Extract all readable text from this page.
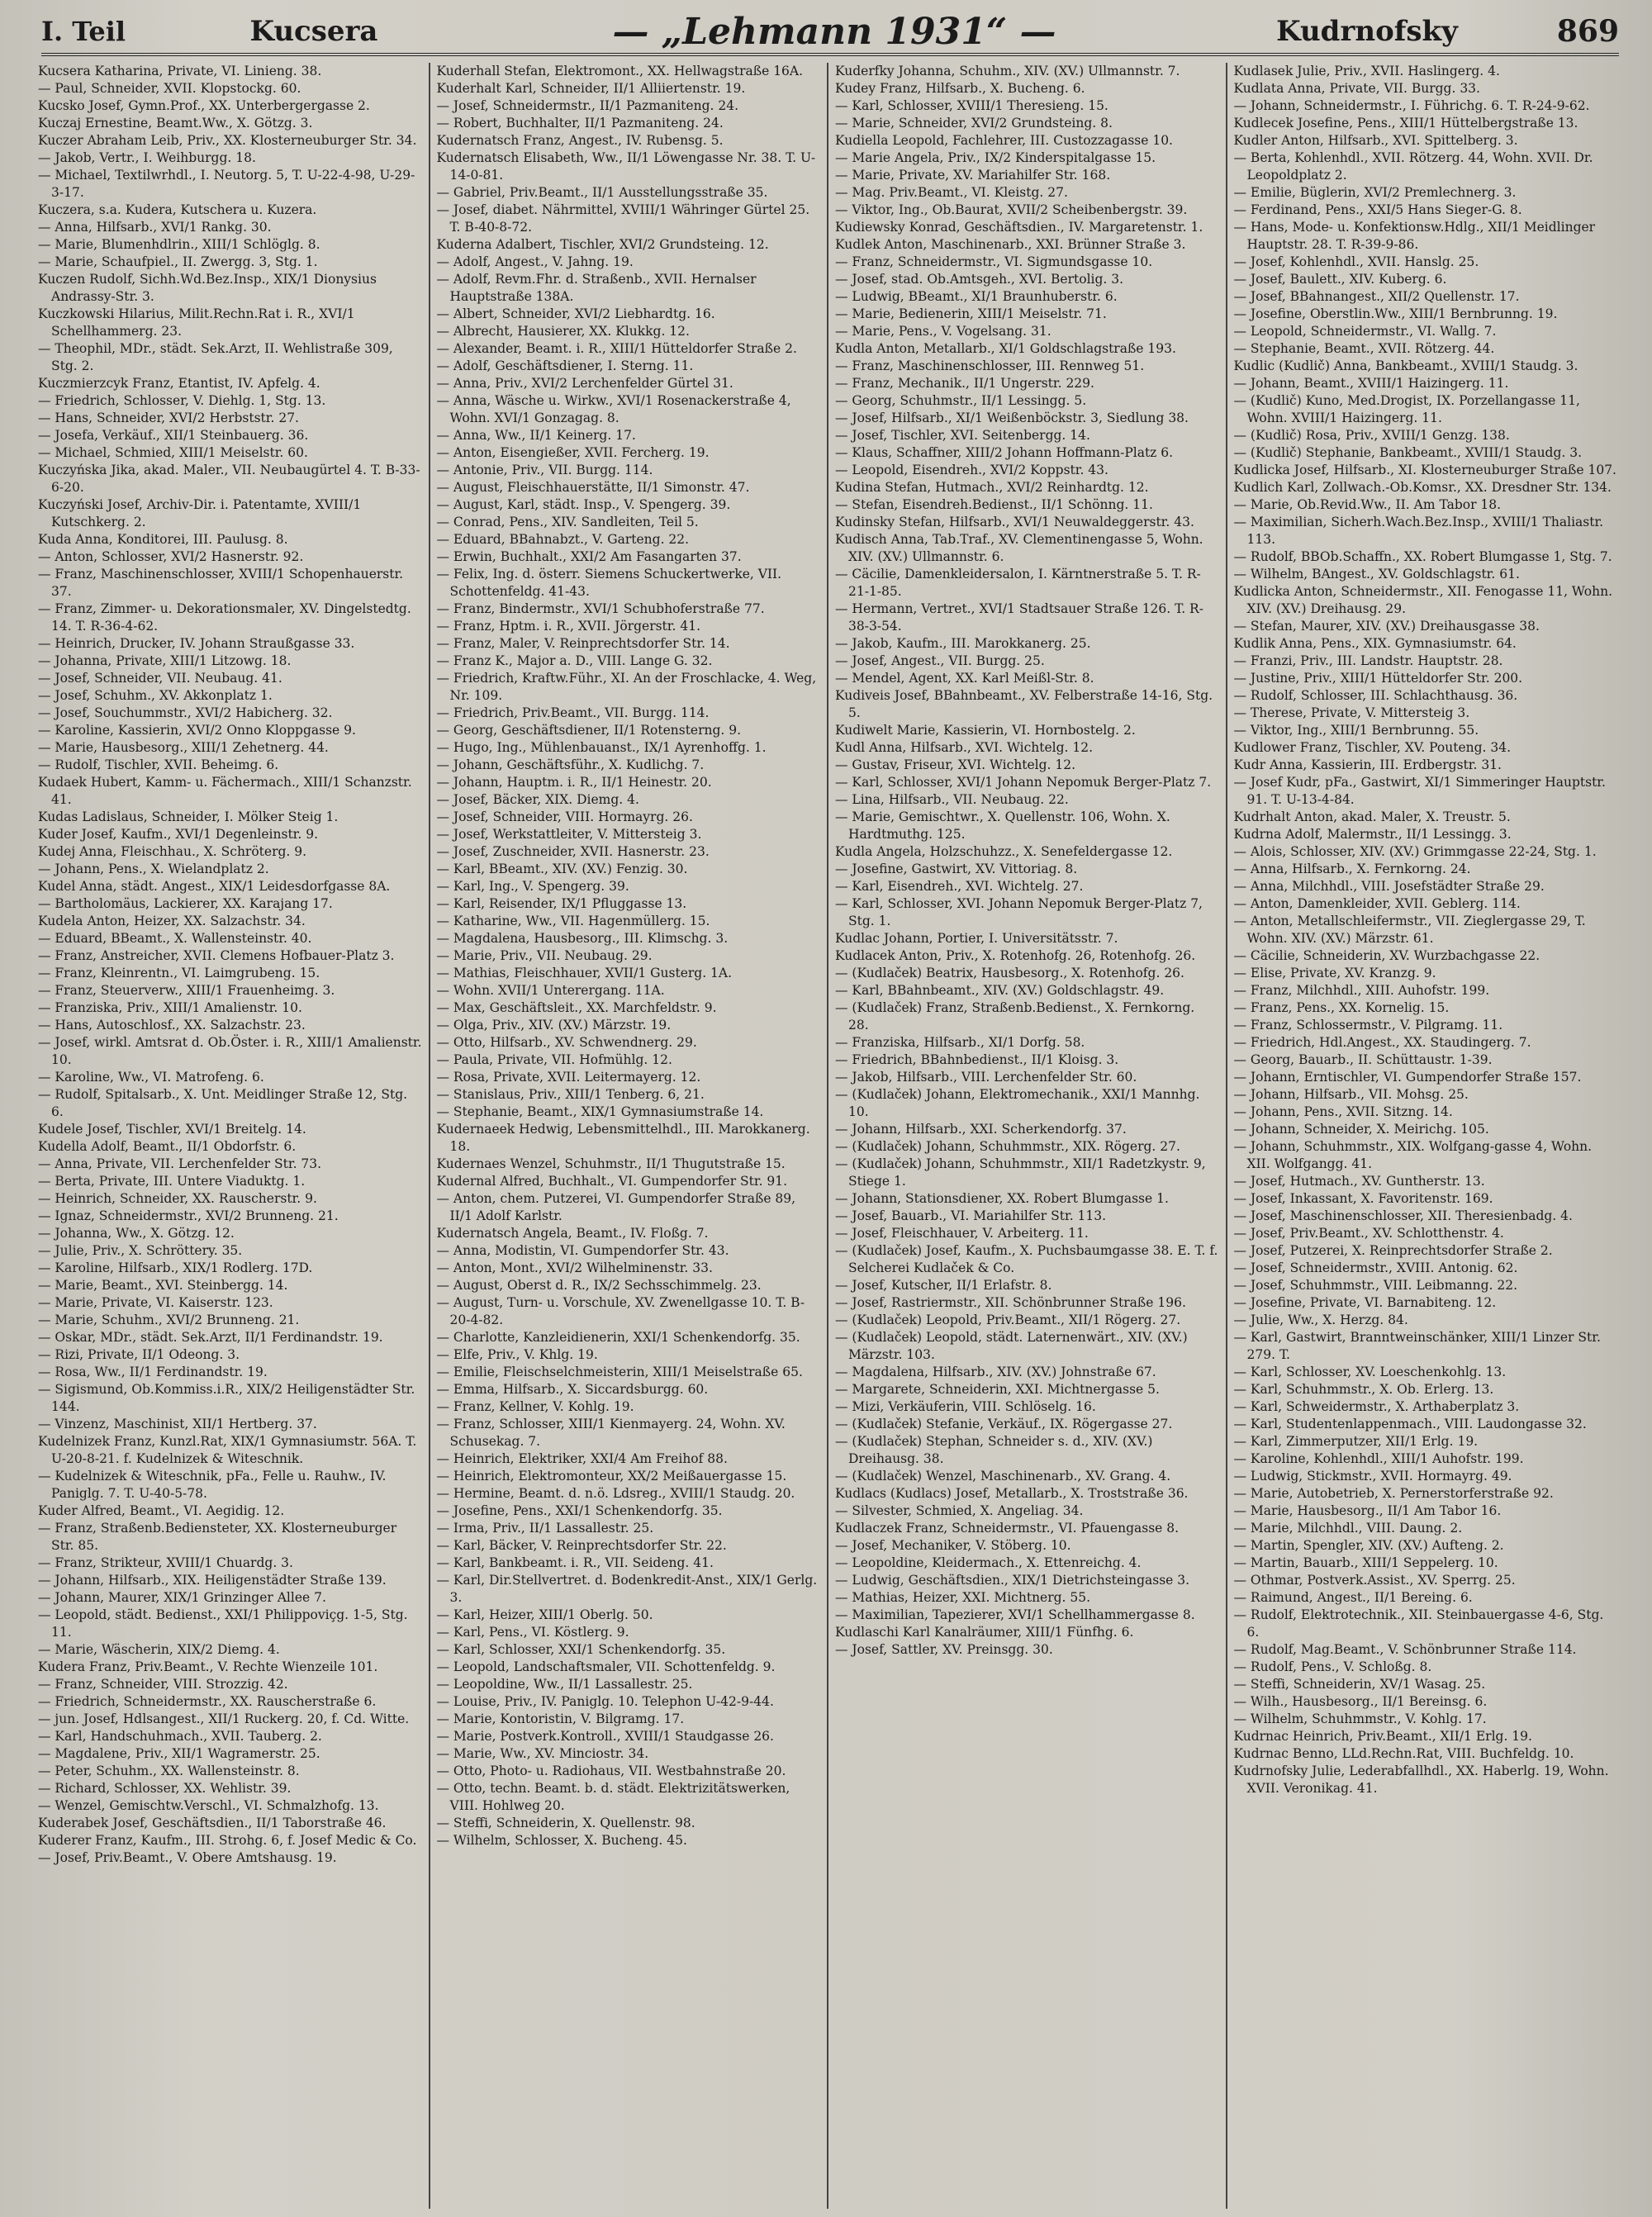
I. Teil	Kucsera	— „Lehmann 1931“ —	Kudrnofsky	869

Kucsera Katharina, Private, VI. Linieng. 38.

— Paul, Schneider, XVII. Klopstockg. 60.

Kucsko Josef, Gymn.Prof., XX. Unterbergergasse 2.

Kuczaj Ernestine, Beamt.Ww., X. Götzg. 3.

Kuczer Abraham Leib, Priv., XX. Klosterneuburger Str. 34.

— Jakob, Vertr., I. Weihburgg. 18.

— Michael, Textilwrhdl., I. Neutorg. 5, T. U-22-4-98, U-29-3-17.

Kuczera, s.a. Kudera, Kutschera u. Kuzera.

— Anna, Hilfsarb., XVI/1 Rankg. 30.

— Marie, Blumenhdlrin., XIII/1 Schlöglg. 8.

— Marie, Schaufpiel., II. Zwergg. 3, Stg. 1.

Kuczen Rudolf, Sichh.Wd.Bez.Insp., XIX/1 Dionysius Andrassy-Str. 3.

Kuczkowski Hilarius, Milit.Rechn.Rat i. R., XVI/1 Schellhammerg. 23.

— Theophil, MDr., städt. Sek.Arzt, II. Wehlistraße 309, Stg. 2.

Kuczmierzcyk Franz, Etantist, IV. Apfelg. 4.

— Friedrich, Schlosser, V. Diehlg. 1, Stg. 13.

— Hans, Schneider, XVI/2 Herbststr. 27.

— Josefa, Verkäuf., XII/1 Steinbauerg. 36.

— Michael, Schmied, XIII/1 Meiselstr. 60.

Kuczyńska Jika, akad. Maler., VII. Neubaugürtel 4. T. B-33-6-20.

Kuczyński Josef, Archiv-Dir. i. Patentamte, XVIII/1 Kutschkerg. 2.

Kuda Anna, Konditorei, III. Paulusg. 8.

— Anton, Schlosser, XVI/2 Hasnerstr. 92.

— Franz, Maschinenschlosser, XVIII/1 Schopenhauerstr. 37.

— Franz, Zimmer- u. Dekorationsmaler, XV. Dingelstedtg. 14. T. R-36-4-62.

— Heinrich, Drucker, IV. Johann Straußgasse 33.

— Johanna, Private, XIII/1 Litzowg. 18.

— Josef, Schneider, VII. Neubaug. 41.

— Josef, Schuhm., XV. Akkonplatz 1.

— Josef, Souchummstr., XVI/2 Habicherg. 32.

— Karoline, Kassierin, XVI/2 Onno Kloppgasse 9.

— Marie, Hausbesorg., XIII/1 Zehetnerg. 44.

— Rudolf, Tischler, XVII. Beheimg. 6.

Kudaek Hubert, Kamm- u. Fächermach., XIII/1 Schanzstr. 41.

Kudas Ladislaus, Schneider, I. Mölker Steig 1.

Kuder Josef, Kaufm., XVI/1 Degenleinstr. 9.

Kudej Anna, Fleischhau., X. Schröterg. 9.

— Johann, Pens., X. Wielandplatz 2.

Kudel Anna, städt. Angest., XIX/1 Leidesdorfgasse 8A.

— Bartholomäus, Lackierer, XX. Karajang 17.

Kudela Anton, Heizer, XX. Salzachstr. 34.

— Eduard, BBeamt., X. Wallensteinstr. 40.

— Franz, Anstreicher, XVII. Clemens Hofbauer-Platz 3.

— Franz, Kleinrentn., VI. Laimgrubeng. 15.

— Franz, Steuerverw., XIII/1 Frauenheimg. 3.

— Franziska, Priv., XIII/1 Amalienstr. 10.

— Hans, Autoschlosf., XX. Salzachstr. 23.

— Josef, wirkl. Amtsrat d. Ob.Öster. i. R., XIII/1 Amalienstr. 10.

— Karoline, Ww., VI. Matrofeng. 6.

— Rudolf, Spitalsarb., X. Unt. Meidlinger Straße 12, Stg. 6.

Kudele Josef, Tischler, XVI/1 Breitelg. 14.

Kudella Adolf, Beamt., II/1 Obdorfstr. 6.

— Anna, Private, VII. Lerchenfelder Str. 73.

— Berta, Private, III. Untere Viaduktg. 1.

— Heinrich, Schneider, XX. Rauscherstr. 9.

— Ignaz, Schneidermstr., XVI/2 Brunneng. 21.

— Johanna, Ww., X. Götzg. 12.

— Julie, Priv., X. Schröttery. 35.

— Karoline, Hilfsarb., XIX/1 Rodlerg. 17D.

— Marie, Beamt., XVI. Steinbergg. 14.

— Marie, Private, VI. Kaiserstr. 123.

— Marie, Schuhm., XVI/2 Brunneng. 21.

— Oskar, MDr., städt. Sek.Arzt, II/1 Ferdinandstr. 19.

— Rizi, Private, II/1 Odeong. 3.

— Rosa, Ww., II/1 Ferdinandstr. 19.

— Sigismund, Ob.Kommiss.i.R., XIX/2 Heiligenstädter Str. 144.

— Vinzenz, Maschinist, XII/1 Hertberg. 37.

Kudelnizek Franz, Kunzl.Rat, XIX/1 Gymnasiumstr. 56A. T. U-20-8-21. f. Kudelnizek & Witeschnik.

— Kudelnizek & Witeschnik, pFa., Felle u. Rauhw., IV. Paniglg. 7. T. U-40-5-78.

Kuder Alfred, Beamt., VI. Aegidig. 12.

— Franz, Straßenb.Bediensteter, XX. Klosterneuburger Str. 85.

— Franz, Strikteur, XVIII/1 Chuardg. 3.

— Johann, Hilfsarb., XIX. Heiligenstädter Straße 139.

— Johann, Maurer, XIX/1 Grinzinger Allee 7.

— Leopold, städt. Bedienst., XXI/1 Philippoviçg. 1-5, Stg. 11.

— Marie, Wäscherin, XIX/2 Diemg. 4.

Kudera Franz, Priv.Beamt., V. Rechte Wienzeile 101.

— Franz, Schneider, VIII. Strozzig. 42.

— Friedrich, Schneidermstr., XX. Rauscherstraße 6.

— jun. Josef, Hdlsangest., XII/1 Ruckerg. 20, f. Cd. Witte.

— Karl, Handschuhmach., XVII. Tauberg. 2.

— Magdalene, Priv., XII/1 Wagramerstr. 25.

— Peter, Schuhm., XX. Wallensteinstr. 8.

— Richard, Schlosser, XX. Wehlistr. 39.

— Wenzel, Gemischtw.Verschl., VI. Schmalzhofg. 13.

Kuderabek Josef, Geschäftsdien., II/1 Taborstraße 46.

Kuderer Franz, Kaufm., III. Strohg. 6, f. Josef Medic & Co.

— Josef, Priv.Beamt., V. Obere Amtshausg. 19.

Kuderhall Stefan, Elektromont., XX. Hellwagstraße 16A.

Kuderhalt Karl, Schneider, II/1 Alliiertenstr. 19.

— Josef, Schneidermstr., II/1 Pazmaniteng. 24.

— Robert, Buchhalter, II/1 Pazmaniteng. 24.

Kudernatsch Franz, Angest., IV. Rubensg. 5.

Kudernatsch Elisabeth, Ww., II/1 Löwengasse Nr. 38. T. U-14-0-81.

— Gabriel, Priv.Beamt., II/1 Ausstellungsstraße 35.

— Josef, diabet. Nährmittel, XVIII/1 Währinger Gürtel 25. T. B-40-8-72.

Kuderna Adalbert, Tischler, XVI/2 Grundsteing. 12.

— Adolf, Angest., V. Jahng. 19.

— Adolf, Revm.Fhr. d. Straßenb., XVII. Hernalser Hauptstraße 138A.

— Albert, Schneider, XVI/2 Liebhardtg. 16.

— Albrecht, Hausierer, XX. Klukkg. 12.

— Alexander, Beamt. i. R., XIII/1 Hütteldorfer Straße 2.

— Adolf, Geschäftsdiener, I. Sterng. 11.

— Anna, Priv., XVI/2 Lerchenfelder Gürtel 31.

— Anna, Wäsche u. Wirkw., XVI/1 Rosenackerstraße 4, Wohn. XVI/1 Gonzagag. 8.

— Anna, Ww., II/1 Keinerg. 17.

— Anton, Eisengießer, XVII. Fercherg. 19.

— Antonie, Priv., VII. Burgg. 114.

— August, Fleischhauerstätte, II/1 Simonstr. 47.

— August, Karl, städt. Insp., V. Spengerg. 39.

— Conrad, Pens., XIV. Sandleiten, Teil 5.

— Eduard, BBahnabzt., V. Garteng. 22.

— Erwin, Buchhalt., XXI/2 Am Fasangarten 37.

— Felix, Ing. d. österr. Siemens Schuckertwerke, VII. Schottenfeldg. 41-43.

— Franz, Bindermstr., XVI/1 Schubhoferstraße 77.

— Franz, Hptm. i. R., XVII. Jörgerstr. 41.

— Franz, Maler, V. Reinprechtsdorfer Str. 14.

— Franz K., Major a. D., VIII. Lange G. 32.

— Friedrich, Kraftw.Führ., XI. An der Froschlacke, 4. Weg, Nr. 109.

— Friedrich, Priv.Beamt., VII. Burgg. 114.

— Georg, Geschäftsdiener, II/1 Rotensterng. 9.

— Hugo, Ing., Mühlenbauanst., IX/1 Ayrenhoffg. 1.

— Johann, Geschäftsführ., X. Kudlichg. 7.

— Johann, Hauptm. i. R., II/1 Heinestr. 20.

— Josef, Bäcker, XIX. Diemg. 4.

— Josef, Schneider, VIII. Hormayrg. 26.

— Josef, Werkstattleiter, V. Mittersteig 3.

— Josef, Zuschneider, XVII. Hasnerstr. 23.

— Karl, BBeamt., XIV. (XV.) Fenzig. 30.

— Karl, Ing., V. Spengerg. 39.

— Karl, Reisender, IX/1 Pfluggasse 13.

— Katharine, Ww., VII. Hagenmüllerg. 15.

— Magdalena, Hausbesorg., III. Klimschg. 3.

— Marie, Priv., VII. Neubaug. 29.

— Mathias, Fleischhauer, XVII/1 Gusterg. 1A.

— Wohn. XVII/1 Unterergang. 11A.

— Max, Geschäftsleit., XX. Marchfeldstr. 9.

— Olga, Priv., XIV. (XV.) Märzstr. 19.

— Otto, Hilfsarb., XV. Schwendnerg. 29.

— Paula, Private, VII. Hofmühlg. 12.

— Rosa, Private, XVII. Leitermayerg. 12.

— Stanislaus, Priv., XIII/1 Tenberg. 6, 21.

— Stephanie, Beamt., XIX/1 Gymnasiumstraße 14.

Kudernaeek Hedwig, Lebensmittelhdl., III. Marokkanerg. 18.

Kudernaes Wenzel, Schuhmstr., II/1 Thugutstraße 15.

Kudernal Alfred, Buchhalt., VI. Gumpendorfer Str. 91.

— Anton, chem. Putzerei, VI. Gumpendorfer Straße 89, II/1 Adolf Karlstr.

Kudernatsch Angela, Beamt., IV. Floßg. 7.

— Anna, Modistin, VI. Gumpendorfer Str. 43.

— Anton, Mont., XVI/2 Wilhelminenstr. 33.

— August, Oberst d. R., IX/2 Sechsschimmelg. 23.

— August, Turn- u. Vorschule, XV. Zwenellgasse 10. T. B-20-4-82.

— Charlotte, Kanzleidienerin, XXI/1 Schenkendorfg. 35.

— Elfe, Priv., V. Khlg. 19.

— Emilie, Fleischselchmeisterin, XIII/1 Meiselstraße 65.

— Emma, Hilfsarb., X. Siccardsburgg. 60.

— Franz, Kellner, V. Kohlg. 19.

— Franz, Schlosser, XIII/1 Kienmayerg. 24, Wohn. XV. Schusekag. 7.

— Heinrich, Elektriker, XXI/4 Am Freihof 88.

— Heinrich, Elektromonteur, XX/2 Meißauergasse 15.

— Hermine, Beamt. d. n.ö. Ldsreg., XVIII/1 Staudg. 20.

— Josefine, Pens., XXI/1 Schenkendorfg. 35.

— Irma, Priv., II/1 Lassallestr. 25.

— Karl, Bäcker, V. Reinprechtsdorfer Str. 22.

— Karl, Bankbeamt. i. R., VII. Seideng. 41.

— Karl, Dir.Stellvertret. d. Bodenkredit-Anst., XIX/1 Gerlg. 3.

— Karl, Heizer, XIII/1 Oberlg. 50.

— Karl, Pens., VI. Köstlerg. 9.

— Karl, Schlosser, XXI/1 Schenkendorfg. 35.

— Leopold, Landschaftsmaler, VII. Schottenfeldg. 9.

— Leopoldine, Ww., II/1 Lassallestr. 25.

— Louise, Priv., IV. Paniglg. 10. Telephon U-42-9-44.

— Marie, Kontoristin, V. Bilgramg. 17.

— Marie, Postverk.Kontroll., XVIII/1 Staudgasse 26.

— Marie, Ww., XV. Minciostr. 34.

— Otto, Photo- u. Radiohaus, VII. Westbahnstraße 20.

— Otto, techn. Beamt. b. d. städt. Elektrizitätswerken, VIII. Hohlweg 20.

— Steffi, Schneiderin, X. Quellenstr. 98.

— Wilhelm, Schlosser, X. Bucheng. 45.

Kuderfky Johanna, Schuhm., XIV. (XV.) Ullmannstr. 7.

Kudey Franz, Hilfsarb., X. Bucheng. 6.

— Karl, Schlosser, XVIII/1 Theresieng. 15.

— Marie, Schneider, XVI/2 Grundsteing. 8.

Kudiella Leopold, Fachlehrer, III. Custozzagasse 10.

— Marie Angela, Priv., IX/2 Kinderspitalgasse 15.

— Marie, Private, XV. Mariahilfer Str. 168.

— Mag. Priv.Beamt., VI. Kleistg. 27.

— Viktor, Ing., Ob.Baurat, XVII/2 Scheibenbergstr. 39.

Kudiewsky Konrad, Geschäftsdien., IV. Margaretenstr. 1.

Kudlek Anton, Maschinenarb., XXI. Brünner Straße 3.

— Franz, Schneidermstr., VI. Sigmundsgasse 10.

— Josef, stad. Ob.Amtsgeh., XVI. Bertolig. 3.

— Ludwig, BBeamt., XI/1 Braunhuberstr. 6.

— Marie, Bedienerin, XIII/1 Meiselstr. 71.

— Marie, Pens., V. Vogelsang. 31.

Kudla Anton, Metallarb., XI/1 Goldschlagstraße 193.

— Franz, Maschinenschlosser, III. Rennweg 51.

— Franz, Mechanik., II/1 Ungerstr. 229.

— Georg, Schuhmstr., II/1 Lessingg. 5.

— Josef, Hilfsarb., XI/1 Weißenböckstr. 3, Siedlung 38.

— Josef, Tischler, XVI. Seitenbergg. 14.

— Klaus, Schaffner, XIII/2 Johann Hoffmann-Platz 6.

— Leopold, Eisendreh., XVI/2 Koppstr. 43.

Kudina Stefan, Hutmach., XVI/2 Reinhardtg. 12.

— Stefan, Eisendreh.Bedienst., II/1 Schönng. 11.

Kudinsky Stefan, Hilfsarb., XVI/1 Neuwaldeggerstr. 43.

Kudisch Anna, Tab.Traf., XV. Clementinengasse 5, Wohn. XIV. (XV.) Ullmannstr. 6.

— Cäcilie, Damenkleidersalon, I. Kärntnerstraße 5. T. R-21-1-85.

— Hermann, Vertret., XVI/1 Stadtsauer Straße 126. T. R-38-3-54.

— Jakob, Kaufm., III. Marokkanerg. 25.

— Josef, Angest., VII. Burgg. 25.

— Mendel, Agent, XX. Karl Meißl-Str. 8.

Kudiveis Josef, BBahnbeamt., XV. Felberstraße 14-16, Stg. 5.

Kudiwelt Marie, Kassierin, VI. Hornbostelg. 2.

Kudl Anna, Hilfsarb., XVI. Wichtelg. 12.

— Gustav, Friseur, XVI. Wichtelg. 12.

— Karl, Schlosser, XVI/1 Johann Nepomuk Berger-Platz 7.

— Lina, Hilfsarb., VII. Neubaug. 22.

— Marie, Gemischtwr., X. Quellenstr. 106, Wohn. X. Hardtmuthg. 125.

Kudla Angela, Holzschuhzz., X. Senefeldergasse 12.

— Josefine, Gastwirt, XV. Vittoriag. 8.

— Karl, Eisendreh., XVI. Wichtelg. 27.

— Karl, Schlosser, XVI. Johann Nepomuk Berger-Platz 7, Stg. 1.

Kudlac Johann, Portier, I. Universitätsstr. 7.

Kudlacek Anton, Priv., X. Rotenhofg. 26, Rotenhofg. 26.

— (Kudlaček) Beatrix, Hausbesorg., X. Rotenhofg. 26.

— Karl, BBahnbeamt., XIV. (XV.) Goldschlagstr. 49.

— (Kudlaček) Franz, Straßenb.Bedienst., X. Fernkorng. 28.

— Franziska, Hilfsarb., XI/1 Dorfg. 58.

— Friedrich, BBahnbedienst., II/1 Kloisg. 3.

— Jakob, Hilfsarb., VIII. Lerchenfelder Str. 60.

— (Kudlaček) Johann, Elektromechanik., XXI/1 Mannhg. 10.

— Johann, Hilfsarb., XXI. Scherkendorfg. 37.

— (Kudlaček) Johann, Schuhmmstr., XIX. Rögerg. 27.

— (Kudlaček) Johann, Schuhmmstr., XII/1 Radetzkystr. 9, Stiege 1.

— Johann, Stationsdiener, XX. Robert Blumgasse 1.

— Josef, Bauarb., VI. Mariahilfer Str. 113.

— Josef, Fleischhauer, V. Arbeiterg. 11.

— (Kudlaček) Josef, Kaufm., X. Puchsbaumgasse 38. E. T. f. Selcherei Kudlaček & Co.

— Josef, Kutscher, II/1 Erlafstr. 8.

— Josef, Rastriermstr., XII. Schönbrunner Straße 196.

— (Kudlaček) Leopold, Priv.Beamt., XII/1 Rögerg. 27.

— (Kudlaček) Leopold, städt. Laternenwärt., XIV. (XV.) Märzstr. 103.

— Magdalena, Hilfsarb., XIV. (XV.) Johnstraße 67.

— Margarete, Schneiderin, XXI. Michtnergasse 5.

— Mizi, Verkäuferin, VIII. Schlöselg. 16.

— (Kudlaček) Stefanie, Verkäuf., IX. Rögergasse 27.

— (Kudlaček) Stephan, Schneider s. d., XIV. (XV.) Dreihausg. 38.

— (Kudlaček) Wenzel, Maschinenarb., XV. Grang. 4.

Kudlacs (Kudlacs) Josef, Metallarb., X. Troststraße 36.

— Silvester, Schmied, X. Angeliag. 34.

Kudlaczek Franz, Schneidermstr., VI. Pfauengasse 8.

— Josef, Mechaniker, V. Stöberg. 10.

— Leopoldine, Kleidermach., X. Ettenreichg. 4.

— Ludwig, Geschäftsdien., XIX/1 Dietrichsteingasse 3.

— Mathias, Heizer, XXI. Michtnerg. 55.

— Maximilian, Tapezierer, XVI/1 Schellhammergasse 8.

Kudlaschi Karl Kanalräumer, XIII/1 Fünfhg. 6.

— Josef, Sattler, XV. Preinsgg. 30.

Kudlasek Julie, Priv., XVII. Haslingerg. 4.

Kudlata Anna, Private, VII. Burgg. 33.

— Johann, Schneidermstr., I. Führichg. 6. T. R-24-9-62.

Kudlecek Josefine, Pens., XIII/1 Hüttelbergstraße 13.

Kudler Anton, Hilfsarb., XVI. Spittelberg. 3.

— Berta, Kohlenhdl., XVII. Rötzerg. 44, Wohn. XVII. Dr. Leopoldplatz 2.

— Emilie, Büglerin, XVI/2 Premlechnerg. 3.

— Ferdinand, Pens., XXI/5 Hans Sieger-G. 8.

— Hans, Mode- u. Konfektionsw.Hdlg., XII/1 Meidlinger Hauptstr. 28. T. R-39-9-86.

— Josef, Kohlenhdl., XVII. Hanslg. 25.

— Josef, Baulett., XIV. Kuberg. 6.

— Josef, BBahnangest., XII/2 Quellenstr. 17.

— Josefine, Oberstlin.Ww., XIII/1 Bernbrunng. 19.

— Leopold, Schneidermstr., VI. Wallg. 7.

— Stephanie, Beamt., XVII. Rötzerg. 44.

Kudlic (Kudlič) Anna, Bankbeamt., XVIII/1 Staudg. 3.

— Johann, Beamt., XVIII/1 Haizingerg. 11.

— (Kudlič) Kuno, Med.Drogist, IX. Porzellangasse 11, Wohn. XVIII/1 Haizingerg. 11.

— (Kudlič) Rosa, Priv., XVIII/1 Genzg. 138.

— (Kudlič) Stephanie, Bankbeamt., XVIII/1 Staudg. 3.

Kudlicka Josef, Hilfsarb., XI. Klosterneuburger Straße 107.

Kudlich Karl, Zollwach.-Ob.Komsr., XX. Dresdner Str. 134.

— Marie, Ob.Revid.Ww., II. Am Tabor 18.

— Maximilian, Sicherh.Wach.Bez.Insp., XVIII/1 Thaliastr. 113.

— Rudolf, BBOb.Schaffn., XX. Robert Blumgasse 1, Stg. 7.

— Wilhelm, BAngest., XV. Goldschlagstr. 61.

Kudlicka Anton, Schneidermstr., XII. Fenogasse 11, Wohn. XIV. (XV.) Dreihausg. 29.

— Stefan, Maurer, XIV. (XV.) Dreihausgasse 38.

Kudlik Anna, Pens., XIX. Gymnasiumstr. 64.

— Franzi, Priv., III. Landstr. Hauptstr. 28.

— Justine, Priv., XIII/1 Hütteldorfer Str. 200.

— Rudolf, Schlosser, III. Schlachthausg. 36.

— Therese, Private, V. Mittersteig 3.

— Viktor, Ing., XIII/1 Bernbrunng. 55.

Kudlower Franz, Tischler, XV. Pouteng. 34.

Kudr Anna, Kassierin, III. Erdbergstr. 31.

— Josef Kudr, pFa., Gastwirt, XI/1 Simmeringer Hauptstr. 91. T. U-13-4-84.

Kudrhalt Anton, akad. Maler, X. Treustr. 5.

Kudrna Adolf, Malermstr., II/1 Lessingg. 3.

— Alois, Schlosser, XIV. (XV.) Grimmgasse 22-24, Stg. 1.

— Anna, Hilfsarb., X. Fernkorng. 24.

— Anna, Milchhdl., VIII. Josefstädter Straße 29.

— Anton, Damenkleider, XVII. Geblerg. 114.

— Anton, Metallschleifermstr., VII. Zieglergasse 29, T. Wohn. XIV. (XV.) Märzstr. 61.

— Cäcilie, Schneiderin, XV. Wurzbachgasse 22.

— Elise, Private, XV. Kranzg. 9.

— Franz, Milchhdl., XIII. Auhofstr. 199.

— Franz, Pens., XX. Kornelig. 15.

— Franz, Schlossermstr., V. Pilgramg. 11.

— Friedrich, Hdl.Angest., XX. Staudingerg. 7.

— Georg, Bauarb., II. Schüttaustr. 1-39.

— Johann, Erntischler, VI. Gumpendorfer Straße 157.

— Johann, Hilfsarb., VII. Mohsg. 25.

— Johann, Pens., XVII. Sitzng. 14.

— Johann, Schneider, X. Meirichg. 105.

— Johann, Schuhmmstr., XIX. Wolfgang-gasse 4, Wohn. XII. Wolfgangg. 41.

— Josef, Hutmach., XV. Guntherstr. 13.

— Josef, Inkassant, X. Favoritenstr. 169.

— Josef, Maschinenschlosser, XII. Theresienbadg. 4.

— Josef, Priv.Beamt., XV. Schlotthenstr. 4.

— Josef, Putzerei, X. Reinprechtsdorfer Straße 2.

— Josef, Schneidermstr., XVIII. Antonig. 62.

— Josef, Schuhmmstr., VIII. Leibmanng. 22.

— Josefine, Private, VI. Barnabiteng. 12.

— Julie, Ww., X. Herzg. 84.

— Karl, Gastwirt, Branntweinschänker, XIII/1 Linzer Str. 279. T.

— Karl, Schlosser, XV. Loeschenkohlg. 13.

— Karl, Schuhmmstr., X. Ob. Erlerg. 13.

— Karl, Schweidermstr., X. Arthaberplatz 3.

— Karl, Studentenlappenmach., VIII. Laudongasse 32.

— Karl, Zimmerputzer, XII/1 Erlg. 19.

— Karoline, Kohlenhdl., XIII/1 Auhofstr. 199.

— Ludwig, Stickmstr., XVII. Hormayrg. 49.

— Marie, Autobetrieb, X. Pernerstorferstraße 92.

— Marie, Hausbesorg., II/1 Am Tabor 16.

— Marie, Milchhdl., VIII. Daung. 2.

— Martin, Spengler, XIV. (XV.) Aufteng. 2.

— Martin, Bauarb., XIII/1 Seppelerg. 10.

— Othmar, Postverk.Assist., XV. Sperrg. 25.

— Raimund, Angest., II/1 Bereing. 6.

— Rudolf, Elektrotechnik., XII. Steinbauergasse 4-6, Stg. 6.

— Rudolf, Mag.Beamt., V. Schönbrunner Straße 114.

— Rudolf, Pens., V. Schloßg. 8.

— Steffi, Schneiderin, XV/1 Wasag. 25.

— Wilh., Hausbesorg., II/1 Bereinsg. 6.

— Wilhelm, Schuhmmstr., V. Kohlg. 17.

Kudrnac Heinrich, Priv.Beamt., XII/1 Erlg. 19.

Kudrnac Benno, LLd.Rechn.Rat, VIII. Buchfeldg. 10.

Kudrnofsky Julie, Lederabfallhdl., XX. Haberlg. 19, Wohn. XVII. Veronikag. 41.
